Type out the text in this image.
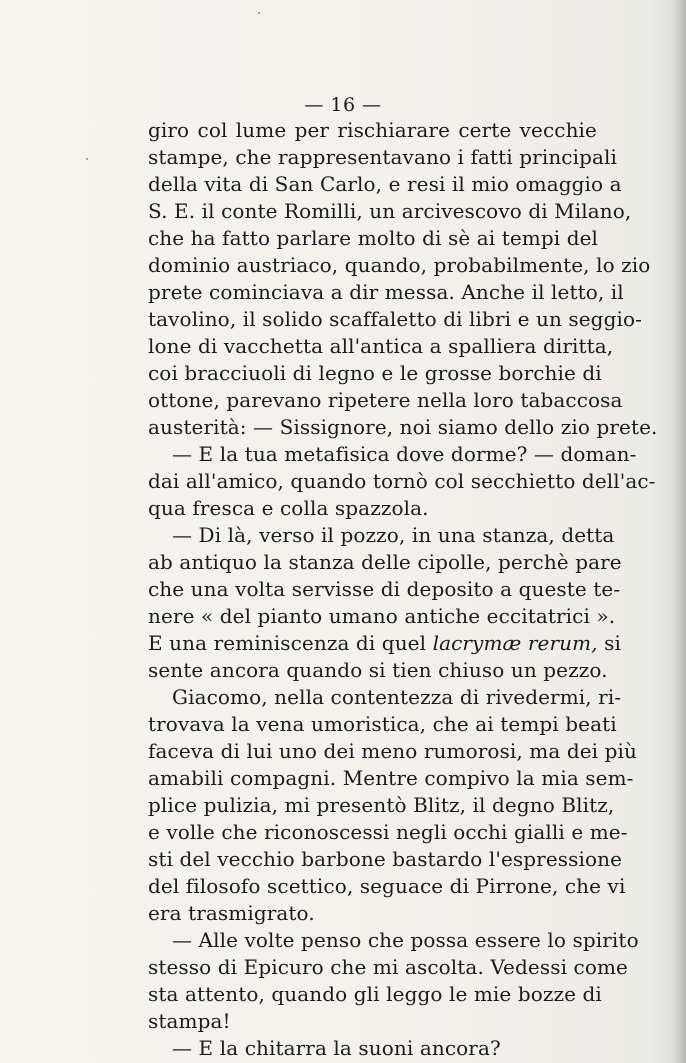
— 16 —
giro col lume per rischiarare certe vecchie
stampe, che rappresentavano i fatti principali
della vita di San Carlo, e resi il mio omaggio a
S. E. il conte Romilli, un arcivescovo di Milano,
che ha fatto parlare molto di sè ai tempi del
dominio austriaco, quando, probabilmente, lo zio
prete cominciava a dir messa. Anche il letto, il
tavolino, il solido scaffaletto di libri e un seggio-
lone di vacchetta all'antica a spalliera diritta,
coi bracciuoli di legno e le grosse borchie di
ottone, parevano ripetere nella loro tabaccosa
austerità: — Sissignore, noi siamo dello zio prete.
— E la tua metafisica dove dorme? — doman-
dai all'amico, quando tornò col secchietto dell'ac-
qua fresca e colla spazzola.
— Di là, verso il pozzo, in una stanza, detta
ab antiquo la stanza delle cipolle, perchè pare
che una volta servisse di deposito a queste te-
nere « del pianto umano antiche eccitatrici ».
E una reminiscenza di quel lacrymæ rerum, si
sente ancora quando si tien chiuso un pezzo.
Giacomo, nella contentezza di rivedermi, ri-
trovava la vena umoristica, che ai tempi beati
faceva di lui uno dei meno rumorosi, ma dei più
amabili compagni. Mentre compivo la mia sem-
plice pulizia, mi presentò Blitz, il degno Blitz,
e volle che riconoscessi negli occhi gialli e me-
sti del vecchio barbone bastardo l'espressione
del filosofo scettico, seguace di Pirrone, che vi
era trasmigrato.
— Alle volte penso che possa essere lo spirito
stesso di Epicuro che mi ascolta. Vedessi come
sta attento, quando gli leggo le mie bozze di
stampa!
— E la chitarra la suoni ancora?
